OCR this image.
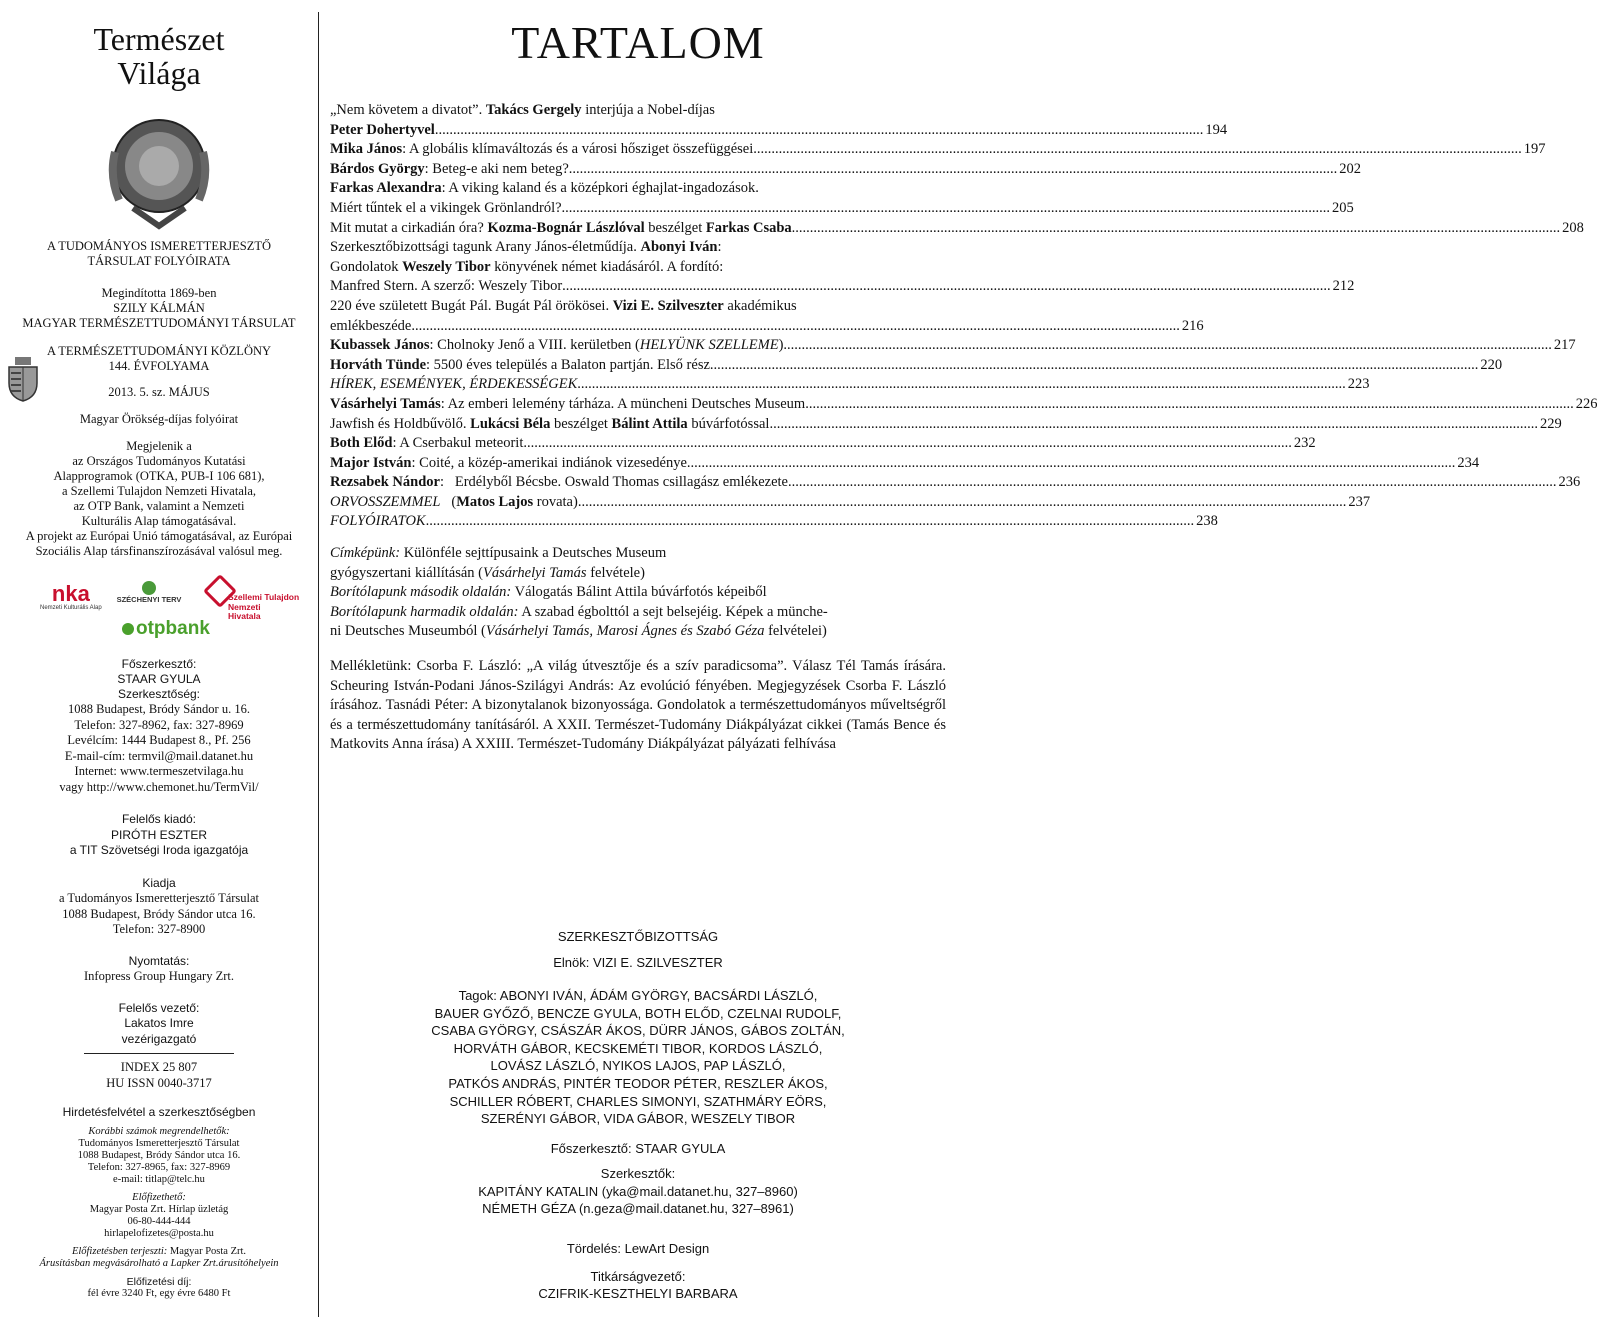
Természet
Világa
A TUDOMÁNYOS ISMERETTERJESZTŐ
TÁRSULAT FOLYÓIRATA
Megindította 1869-ben
SZILY KÁLMÁN
MAGYAR TERMÉSZETTUDOMÁNYI TÁRSULAT
A TERMÉSZETTUDOMÁNYI KÖZLÖNY
144. ÉVFOLYAMA
2013. 5. sz. MÁJUS
Magyar Örökség-díjas folyóirat
Megjelenik a
az Országos Tudományos Kutatási
Alapprogramok (OTKA, PUB-I 106 681),
a Szellemi Tulajdon Nemzeti Hivatala,
az OTP Bank, valamint a Nemzeti
Kulturális Alap támogatásával.
A projekt az Európai Unió támogatásával, az Európai
Szociális Alap társfinanszírozásával valósul meg.
nka
Nemzeti Kulturális Alap
SZÉCHENYI TERV	Szellemi Tulajdon
Nemzeti
Hivatala
otpbank
Főszerkesztő:
STAAR GYULA
Szerkesztőség:
1088 Budapest, Bródy Sándor u. 16.
Telefon: 327-8962, fax: 327-8969
Levélcím: 1444 Budapest 8., Pf. 256
E-mail-cím: termvil@mail.datanet.hu
Internet: www.termeszetvilaga.hu
vagy http://www.chemonet.hu/TermVil/
Felelős kiadó:
PIRÓTH ESZTER
a TIT Szövetségi Iroda igazgatója
Kiadja
a Tudományos Ismeretterjesztő Társulat
1088 Budapest, Bródy Sándor utca 16.
Telefon: 327-8900
Nyomtatás:
Infopress Group Hungary Zrt.
Felelős vezető:
Lakatos Imre
vezérigazgató
INDEX 25 807
HU ISSN 0040-3717
Hirdetésfelvétel a szerkesztőségben
Korábbi számok megrendelhetők:
Tudományos Ismeretterjesztő Társulat
1088 Budapest, Bródy Sándor utca 16.
Telefon: 327-8965, fax: 327-8969
e-mail: titlap@telc.hu
Előfizethető:
Magyar Posta Zrt. Hírlap üzletág
06-80-444-444
hirlapelofizetes@posta.hu
Előfizetésben terjeszti: Magyar Posta Zrt.
Árusításban megvásárolható a Lapker Zrt.árusítóhelyein
Előfizetési díj:
fél évre 3240 Ft, egy évre 6480 Ft
TARTALOM
„Nem követem a divatot”. Takács Gergely interjúja a Nobel-díjas
Peter Dohertyvel .....	194
Mika János: A globális klímaváltozás és a városi hősziget összefüggései .....	197
Bárdos György: Beteg-e aki nem beteg? .....	202
Farkas Alexandra: A viking kaland és a középkori éghajlat-ingadozások.
Miért tűntek el a vikingek Grönlandról? .....	205
Mit mutat a cirkadián óra? Kozma-Bognár Lászlóval beszélget Farkas Csaba .....	208
Szerkesztőbizottsági tagunk Arany János-életműdíja. Abonyi Iván:
Gondolatok Weszely Tibor könyvének német kiadásáról. A fordító:
Manfred Stern. A szerző: Weszely Tibor .....	212
220 éve született Bugát Pál. Bugát Pál örökösei. Vizi E. Szilveszter akadémikus
emlékbeszéde .....	216
Kubassek János: Cholnoky Jenő a VIII. kerületben (HELYÜNK SZELLEME) .....	217
Horváth Tünde: 5500 éves település a Balaton partján. Első rész .....	220
HÍREK, ESEMÉNYEK, ÉRDEKESSÉGEK .....	223
Vásárhelyi Tamás: Az emberi lelemény tárháza. A müncheni Deutsches Museum .....	226
Jawfish és Holdbűvölő. Lukácsi Béla beszélget Bálint Attila búvárfotóssal .....	229
Both Előd: A Cserbakul meteorit .....	232
Major István: Coité, a közép-amerikai indiánok vizesedénye .....	234
Rezsabek Nándor:   Erdélyből Bécsbe. Oswald Thomas csillagász emlékezete .....	236
ORVOSSZEMMEL   (Matos Lajos rovata) .....	237
FOLYÓIRATOK .....	238
Címképünk: Különféle sejttípusaink a Deutsches Museum
gyógyszertani kiállításán (Vásárhelyi Tamás felvétele)
Borítólapunk második oldalán: Válogatás Bálint Attila búvárfotós képeiből
Borítólapunk harmadik oldalán: A szabad égbolttól a sejt belsejéig. Képek a münche-
ni Deutsches Museumból (Vásárhelyi Tamás, Marosi Ágnes és Szabó Géza felvételei)
Mellékletünk: Csorba F. László: „A világ útvesztője és a szív paradicsoma”. Válasz Tél Tamás írására. Scheuring István-Podani János-Szilágyi András: Az evolúció fényében. Megjegyzések Csorba F. László írásához. Tasnádi Péter: A bizonytalanok bizonyossága. Gondolatok a természettudományos műveltségről és a természettudomány tanításáról. A XXII. Természet-Tudomány Diákpályázat cikkei (Tamás Bence és Matkovits Anna írása) A XXIII. Természet-Tudomány Diákpályázat pályázati felhívása
SZERKESZTŐBIZOTTSÁG
Elnök: VIZI E. SZILVESZTER
Tagok: ABONYI IVÁN, ÁDÁM GYÖRGY, BACSÁRDI LÁSZLÓ,
BAUER GYŐZŐ, BENCZE GYULA, BOTH ELŐD, CZELNAI RUDOLF,
CSABA GYÖRGY, CSÁSZÁR ÁKOS, DÜRR JÁNOS, GÁBOS ZOLTÁN,
HORVÁTH GÁBOR, KECSKEMÉTI TIBOR, KORDOS LÁSZLÓ,
LOVÁSZ LÁSZLÓ, NYIKOS LAJOS, PAP LÁSZLÓ,
PATKÓS ANDRÁS, PINTÉR TEODOR PÉTER, RESZLER ÁKOS,
SCHILLER RÓBERT, CHARLES SIMONYI, SZATHMÁRY EÖRS,
SZERÉNYI GÁBOR, VIDA GÁBOR, WESZELY TIBOR
Főszerkesztő: STAAR GYULA
Szerkesztők:
KAPITÁNY KATALIN (yka@mail.datanet.hu, 327–8960)
NÉMETH GÉZA (n.geza@mail.datanet.hu, 327–8961)
Tördelés: LewArt Design
Titkárságvezető:
CZIFRIK-KESZTHELYI BARBARA
